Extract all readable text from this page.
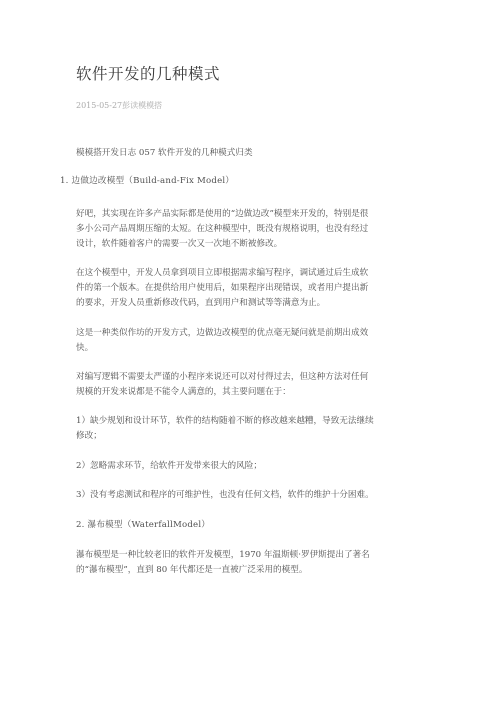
软件开发的几种模式
2015-05-27彭读模模搭
模模搭开发日志 057 软件开发的几种模式归类
1. 边做边改模型（Build-and-Fix Model）
好吧，其实现在许多产品实际都是使用的“边做边改”模型来开发的，特别是很
多小公司产品周期压缩的太短。在这种模型中，既没有规格说明，也没有经过
设计，软件随着客户的需要一次又一次地不断被修改。
在这个模型中，开发人员拿到项目立即根据需求编写程序，调试通过后生成软
件的第一个版本。在提供给用户使用后，如果程序出现错误，或者用户提出新
的要求，开发人员重新修改代码，直到用户和测试等等满意为止。
这是一种类似作坊的开发方式，边做边改模型的优点毫无疑问就是前期出成效
快。
对编写逻辑不需要太严谨的小程序来说还可以对付得过去，但这种方法对任何
规模的开发来说都是不能令人满意的，其主要问题在于：
1）缺少规划和设计环节，软件的结构随着不断的修改越来越糟，导致无法继续
修改；
2）忽略需求环节，给软件开发带来很大的风险；
3）没有考虑测试和程序的可维护性，也没有任何文档，软件的维护十分困难。
2. 瀑布模型（WaterfallModel）
瀑布模型是一种比较老旧的软件开发模型，1970 年温斯顿·罗伊斯提出了著名
的“瀑布模型”，直到 80 年代都还是一直被广泛采用的模型。
